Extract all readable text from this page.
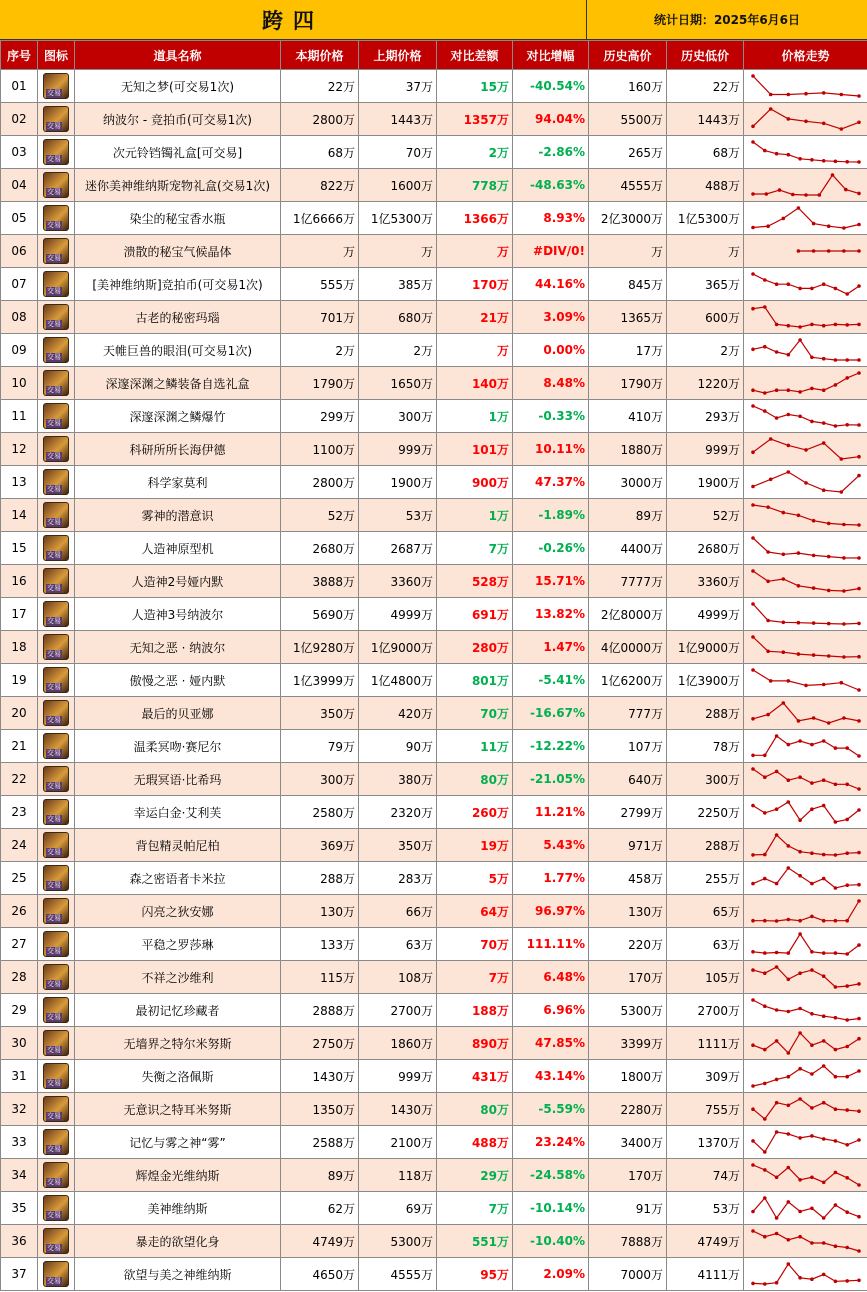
跨四	统计日期：2025年6月6日
序号	图标	道具名称	本期价格	上期价格	对比差额	对比增幅	历史高价	历史低价	价格走势
01	交易	无知之梦(可交易1次)	22万	37万	15万	-40.54%	160万	22万	

02	交易	纳波尔 - 竞拍币(可交易1次)	2800万	1443万	1357万	94.04%	5500万	1443万	

03	交易	次元铃铛镯礼盒[可交易]	68万	70万	2万	-2.86%	265万	68万	

04	交易	迷你美神维纳斯宠物礼盒(交易1次)	822万	1600万	778万	-48.63%	4555万	488万	

05	交易	染尘的秘宝香水瓶	1亿6666万	1亿5300万	1366万	8.93%	2亿3000万	1亿5300万	

06	交易	溃散的秘宝气候晶体	万	万	万	#DIV/0!	万	万	

07	交易	[美神维纳斯]竞拍币(可交易1次)	555万	385万	170万	44.16%	845万	365万	

08	交易	古老的秘密玛瑙	701万	680万	21万	3.09%	1365万	600万	

09	交易	天帷巨兽的眼泪(可交易1次)	2万	2万	万	0.00%	17万	2万	

10	交易	深邃深渊之鳞装备自选礼盒	1790万	1650万	140万	8.48%	1790万	1220万	

11	交易	深邃深渊之鳞爆竹	299万	300万	1万	-0.33%	410万	293万	

12	交易	科研所所长海伊德	1100万	999万	101万	10.11%	1880万	999万	

13	交易	科学家莫利	2800万	1900万	900万	47.37%	3000万	1900万	

14	交易	雾神的潜意识	52万	53万	1万	-1.89%	89万	52万	

15	交易	人造神原型机	2680万	2687万	7万	-0.26%	4400万	2680万	

16	交易	人造神2号娅内默	3888万	3360万	528万	15.71%	7777万	3360万	

17	交易	人造神3号纳波尔	5690万	4999万	691万	13.82%	2亿8000万	4999万	

18	交易	无知之恶 · 纳波尔	1亿9280万	1亿9000万	280万	1.47%	4亿0000万	1亿9000万	

19	交易	傲慢之恶 · 娅内默	1亿3999万	1亿4800万	801万	-5.41%	1亿6200万	1亿3900万	

20	交易	最后的贝亚娜	350万	420万	70万	-16.67%	777万	288万	

21	交易	温柔冥吻·赛尼尔	79万	90万	11万	-12.22%	107万	78万	

22	交易	无瑕冥语·比希玛	300万	380万	80万	-21.05%	640万	300万	

23	交易	幸运白金·艾利芙	2580万	2320万	260万	11.21%	2799万	2250万	

24	交易	背包精灵帕尼柏	369万	350万	19万	5.43%	971万	288万	

25	交易	森之密语者卡米拉	288万	283万	5万	1.77%	458万	255万	

26	交易	闪亮之狄安娜	130万	66万	64万	96.97%	130万	65万	

27	交易	平稳之罗莎琳	133万	63万	70万	111.11%	220万	63万	

28	交易	不祥之沙维利	115万	108万	7万	6.48%	170万	105万	

29	交易	最初记忆珍藏者	2888万	2700万	188万	6.96%	5300万	2700万	

30	交易	无墙界之特尔米努斯	2750万	1860万	890万	47.85%	3399万	1111万	

31	交易	失衡之洛佩斯	1430万	999万	431万	43.14%	1800万	309万	

32	交易	无意识之特耳米努斯	1350万	1430万	80万	-5.59%	2280万	755万	

33	交易	记忆与雾之神“雾”	2588万	2100万	488万	23.24%	3400万	1370万	

34	交易	辉煌金光维纳斯	89万	118万	29万	-24.58%	170万	74万	

35	交易	美神维纳斯	62万	69万	7万	-10.14%	91万	53万	

36	交易	暴走的欲望化身	4749万	5300万	551万	-10.40%	7888万	4749万	

37	交易	欲望与美之神维纳斯	4650万	4555万	95万	2.09%	7000万	4111万	
